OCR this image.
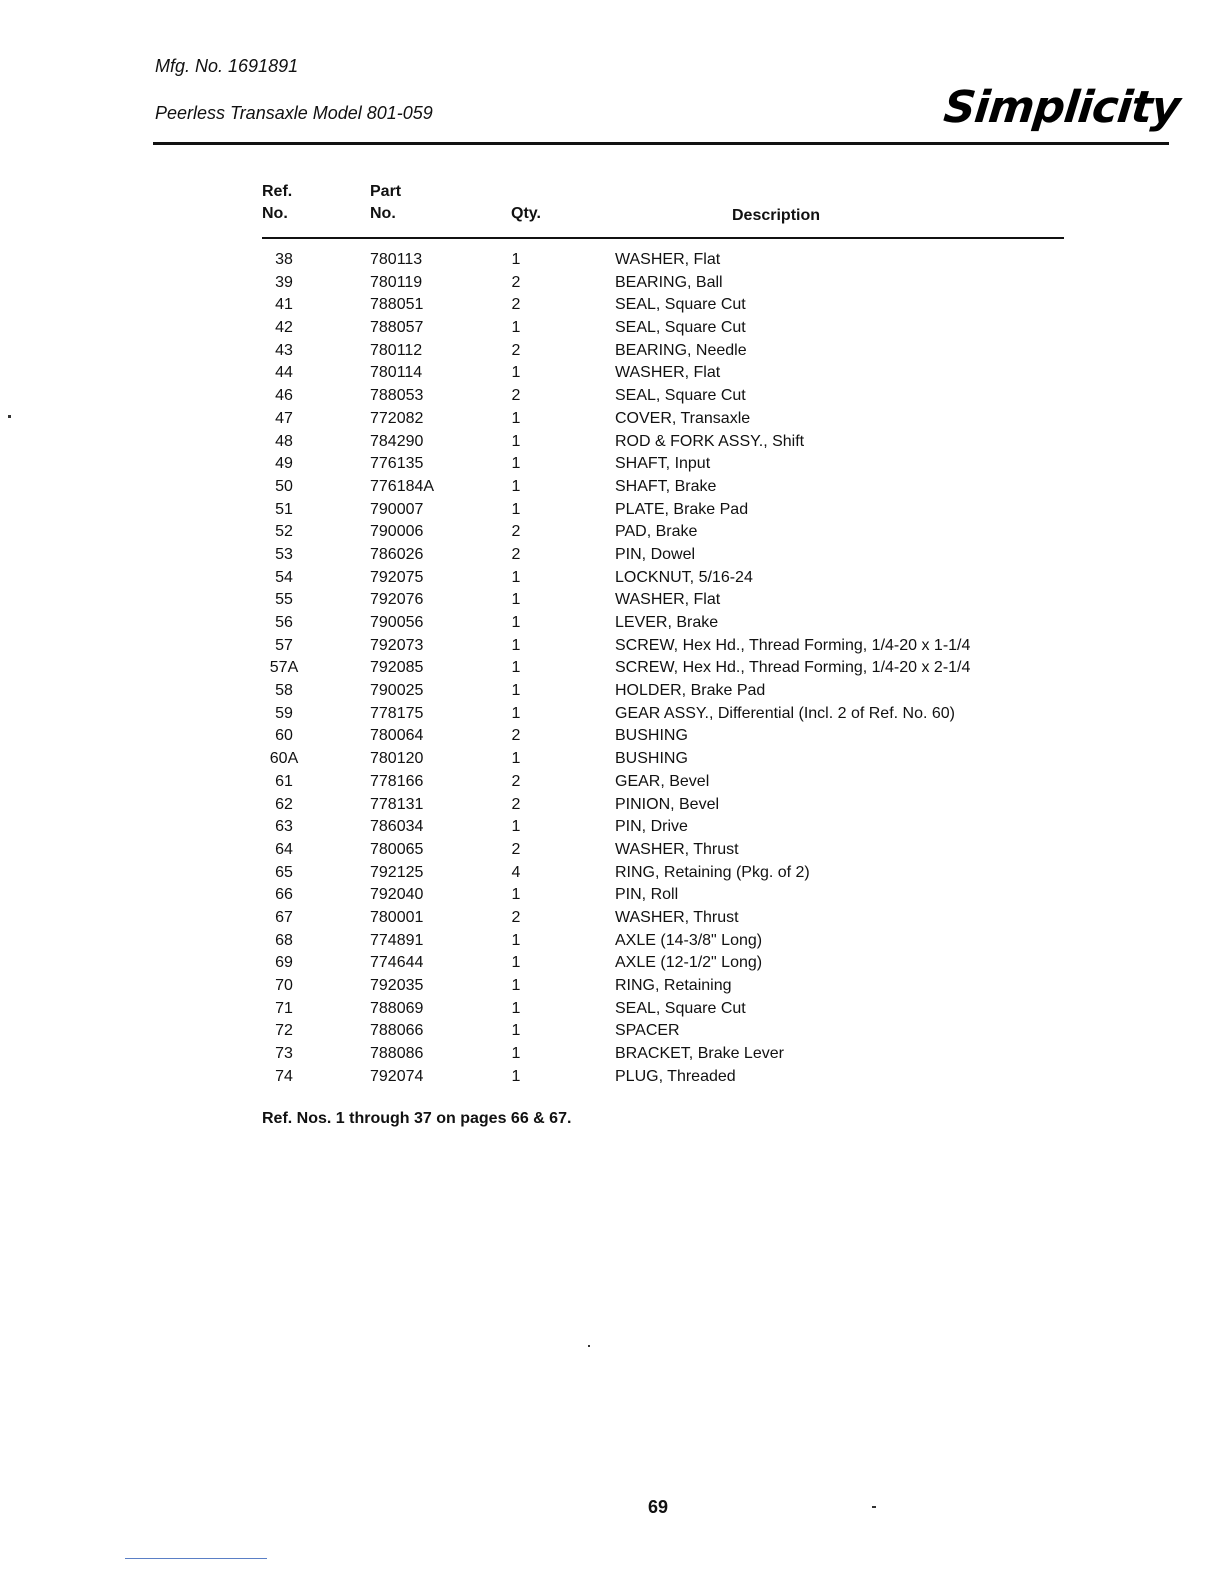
Mfg. No. 1691891
Peerless Transaxle Model 801-059	Simplicity
Ref.
No.
Part
No.	Qty.	Description
38	780113	1	WASHER, Flat
39	780119	2	BEARING, Ball
41	788051	2	SEAL, Square Cut
42	788057	1	SEAL, Square Cut
43	780112	2	BEARING, Needle
44	780114	1	WASHER, Flat
46	788053	2	SEAL, Square Cut
47	772082	1	COVER, Transaxle
48	784290	1	ROD & FORK ASSY., Shift
49	776135	1	SHAFT, Input
50	776184A	1	SHAFT, Brake
51	790007	1	PLATE, Brake Pad
52	790006	2	PAD, Brake
53	786026	2	PIN, Dowel
54	792075	1	LOCKNUT, 5/16-24
55	792076	1	WASHER, Flat
56	790056	1	LEVER, Brake
57	792073	1	SCREW, Hex Hd., Thread Forming, 1/4-20 x 1-1/4
57A	792085	1	SCREW, Hex Hd., Thread Forming, 1/4-20 x 2-1/4
58	790025	1	HOLDER, Brake Pad
59	778175	1	GEAR ASSY., Differential (Incl. 2 of Ref. No. 60)
60	780064	2	BUSHING
60A	780120	1	BUSHING
61	778166	2	GEAR, Bevel
62	778131	2	PINION, Bevel
63	786034	1	PIN, Drive
64	780065	2	WASHER, Thrust
65	792125	4	RING, Retaining (Pkg. of 2)
66	792040	1	PIN, Roll
67	780001	2	WASHER, Thrust
68	774891	1	AXLE (14-3/8" Long)
69	774644	1	AXLE (12-1/2" Long)
70	792035	1	RING, Retaining
71	788069	1	SEAL, Square Cut
72	788066	1	SPACER
73	788086	1	BRACKET, Brake Lever
74	792074	1	PLUG, Threaded
Ref. Nos. 1 through 37 on pages 66 & 67.
69
